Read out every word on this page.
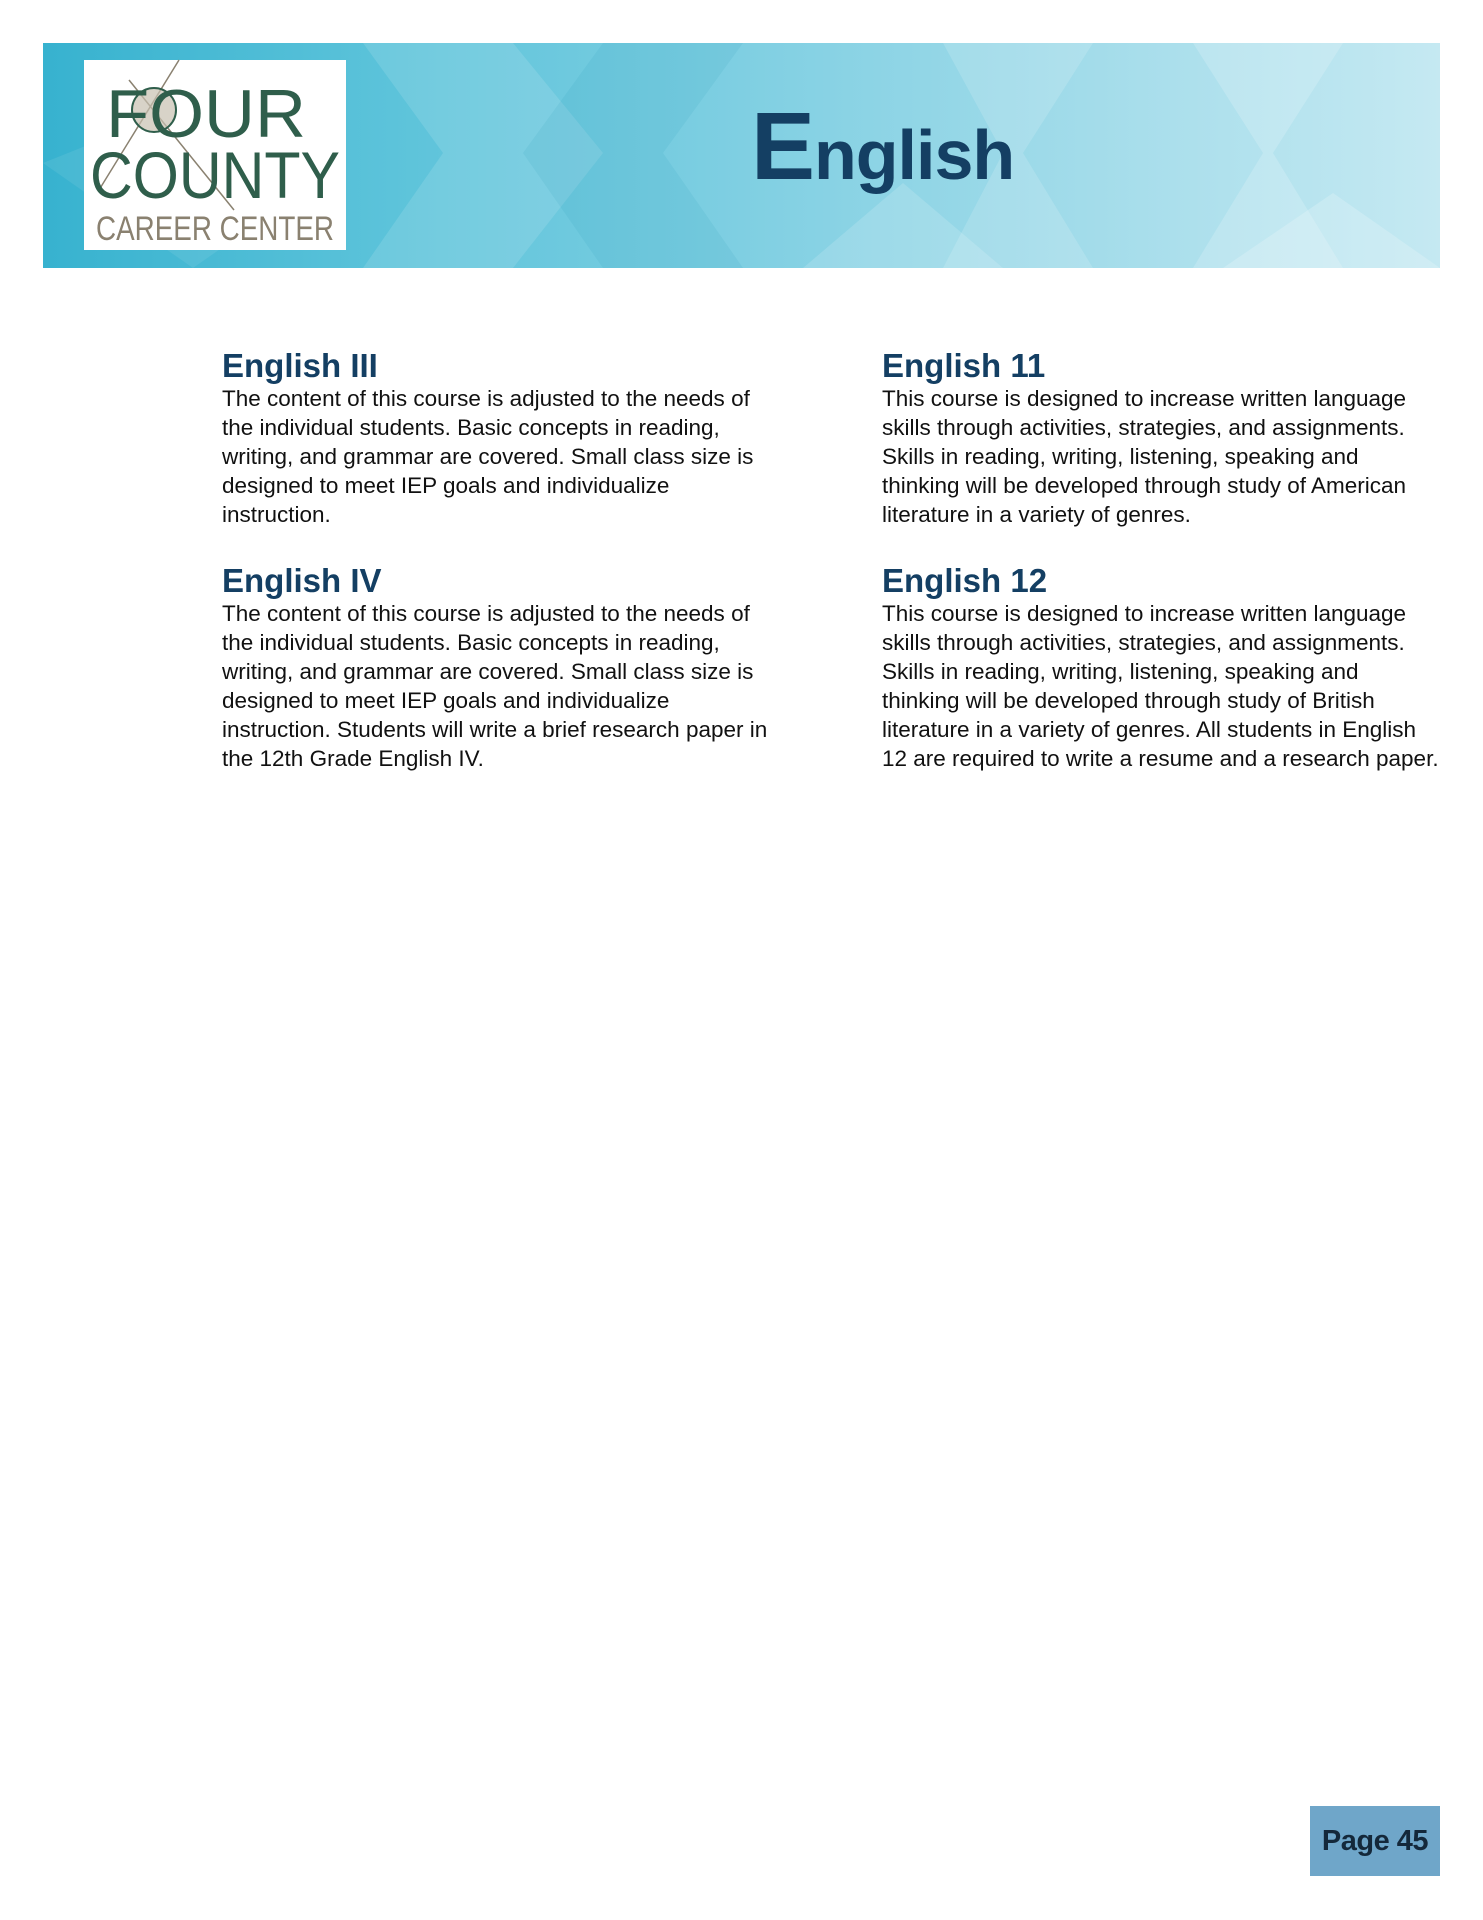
FOUR
COUNTY
CAREER CENTER
English
English III

The content of this course is adjusted to the needs of the individual students. Basic concepts in reading, writing, and grammar are covered. Small class size is designed to meet IEP goals and individualize instruction.

English 11

This course is designed to increase written language skills through activities, strategies, and assignments. Skills in reading, writing, listening, speaking and thinking will be developed through study of American literature in a variety of genres.

English IV

The content of this course is adjusted to the needs of the individual students. Basic concepts in reading, writing, and grammar are covered. Small class size is designed to meet IEP goals and individualize instruction. Students will write a brief research paper in the 12th Grade English IV.

English 12

This course is designed to increase written language skills through activities, strategies, and assignments. Skills in reading, writing, listening, speaking and thinking will be developed through study of British literature in a variety of genres. All students in English 12 are required to write a resume and a research paper.

Page 45
